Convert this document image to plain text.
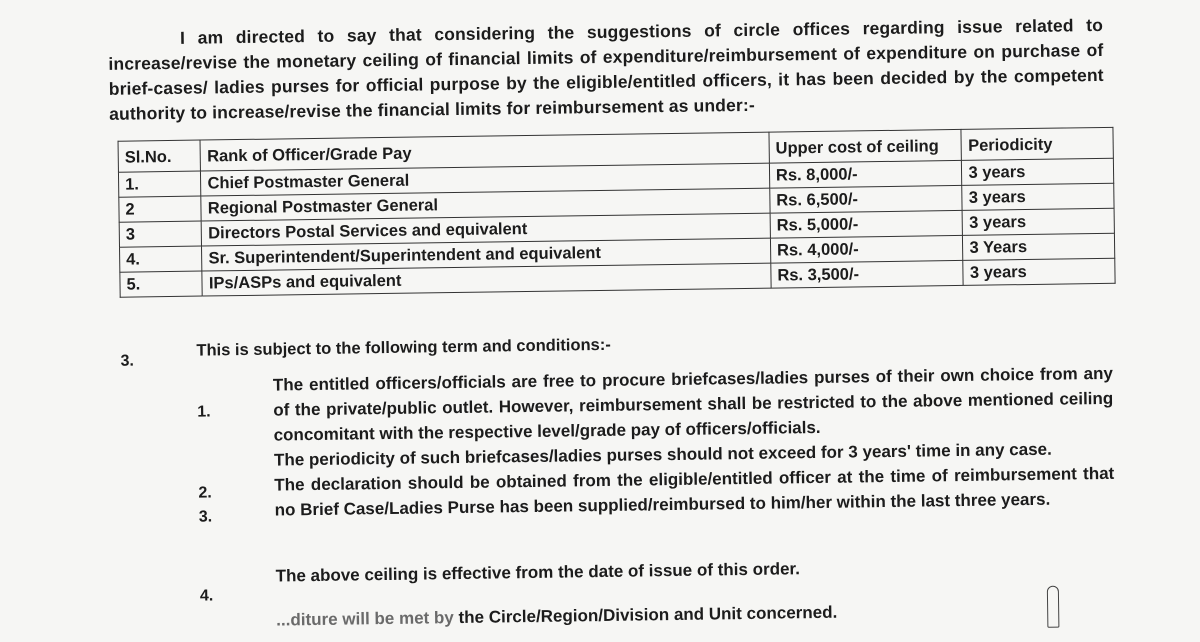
I am directed to say that considering the suggestions of circle offices regarding issue related to increase/revise the monetary ceiling of financial limits of expenditure/reimbursement of expenditure on purchase of brief-cases/ ladies purses for official purpose by the eligible/entitled officers, it has been decided by the competent authority to increase/revise the financial limits for reimbursement as under:-

Sl.No.	Rank of Officer/Grade Pay	Upper cost of ceiling	Periodicity
1.	Chief Postmaster General	Rs. 8,000/-	3 years
2	Regional Postmaster General	Rs. 6,500/-	3 years
3	Directors Postal Services and equivalent	Rs. 5,000/-	3 years
4.	Sr. Superintendent/Superintendent and equivalent	Rs. 4,000/-	3 Years
5.	IPs/ASPs and equivalent	Rs. 3,500/-	3 years
3.
This is subject to the following term and conditions:-
1.
2.
3.
4.
The entitled officers/officials are free to procure briefcases/ladies purses of their own choice from any of the private/public outlet. However, reimbursement shall be restricted to the above mentioned ceiling concomitant with the respective level/grade pay of officers/officials.
The periodicity of such briefcases/ladies purses should not exceed for 3 years' time in any case.
The declaration should be obtained from the eligible/entitled officer at the time of reimbursement that no Brief Case/Ladies Purse has been supplied/reimbursed to him/her within the last three years.
The above ceiling is effective from the date of issue of this order.
...diture will be met by the Circle/Region/Division and Unit concerned.
